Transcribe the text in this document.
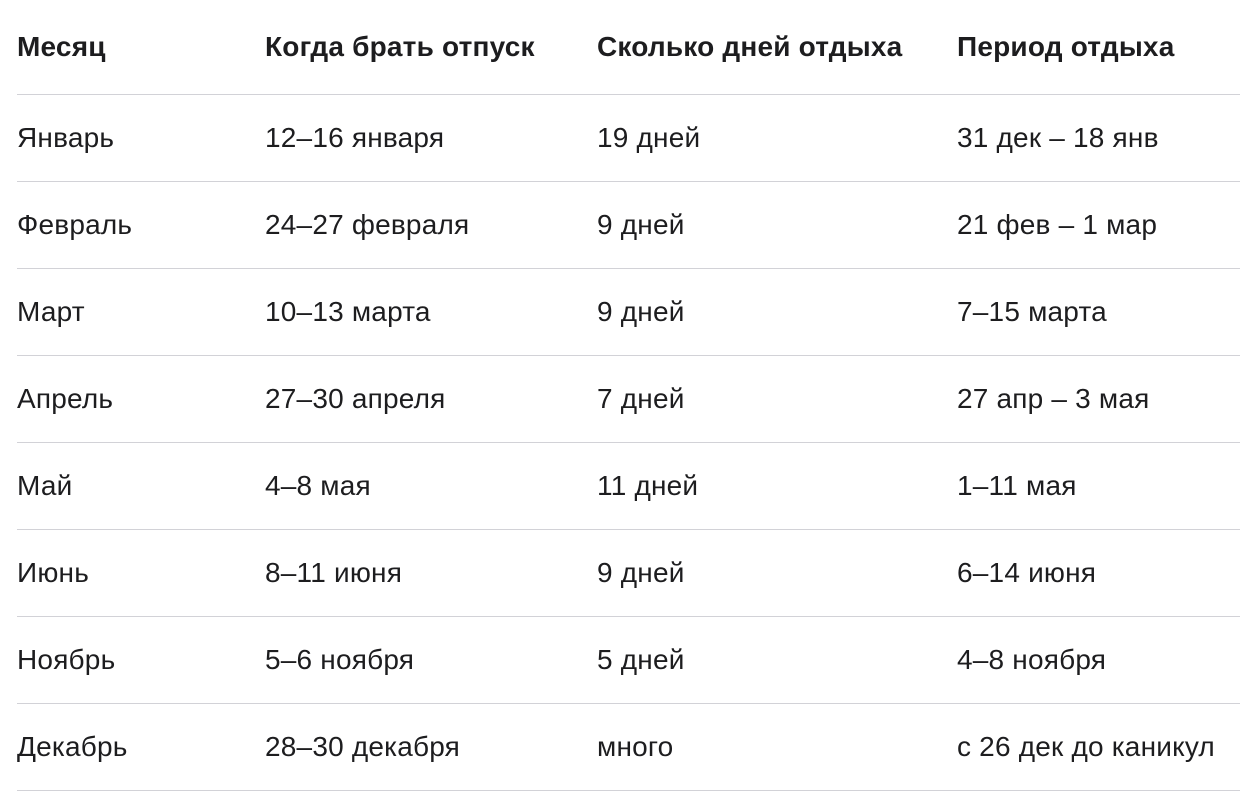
Месяц	Когда брать отпуск	Сколько дней отдыха	Период отдыха
Январь	12–16 января	19 дней	31 дек – 18 янв
Февраль	24–27 февраля	9 дней	21 фев – 1 мар
Март	10–13 марта	9 дней	7–15 марта
Апрель	27–30 апреля	7 дней	27 апр – 3 мая
Май	4–8 мая	11 дней	1–11 мая
Июнь	8–11 июня	9 дней	6–14 июня
Ноябрь	5–6 ноября	5 дней	4–8 ноября
Декабрь	28–30 декабря	много	с 26 дек до каникул
